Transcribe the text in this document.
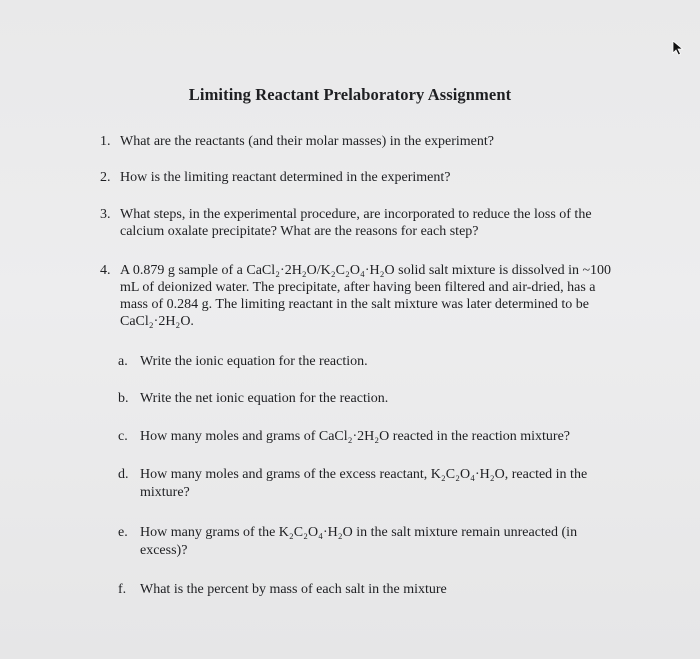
Limiting Reactant Prelaboratory Assignment
1. What are the reactants (and their molar masses) in the experiment?
2. How is the limiting reactant determined in the experiment?
3. What steps, in the experimental procedure, are incorporated to reduce the loss of the
calcium oxalate precipitate? What are the reasons for each step?
4. A 0.879 g sample of a CaCl₂·2H₂O/K₂C₂O₄·H₂O solid salt mixture is dissolved in ~100
mL of deionized water. The precipitate, after having been filtered and air-dried, has a
mass of 0.284 g. The limiting reactant in the salt mixture was later determined to be
CaCl₂·2H₂O.
a. Write the ionic equation for the reaction.
b. Write the net ionic equation for the reaction.
c. How many moles and grams of CaCl₂·2H₂O reacted in the reaction mixture?
d. How many moles and grams of the excess reactant, K₂C₂O₄·H₂O, reacted in the
mixture?
e. How many grams of the K₂C₂O₄·H₂O in the salt mixture remain unreacted (in
excess)?
f. What is the percent by mass of each salt in the mixture
